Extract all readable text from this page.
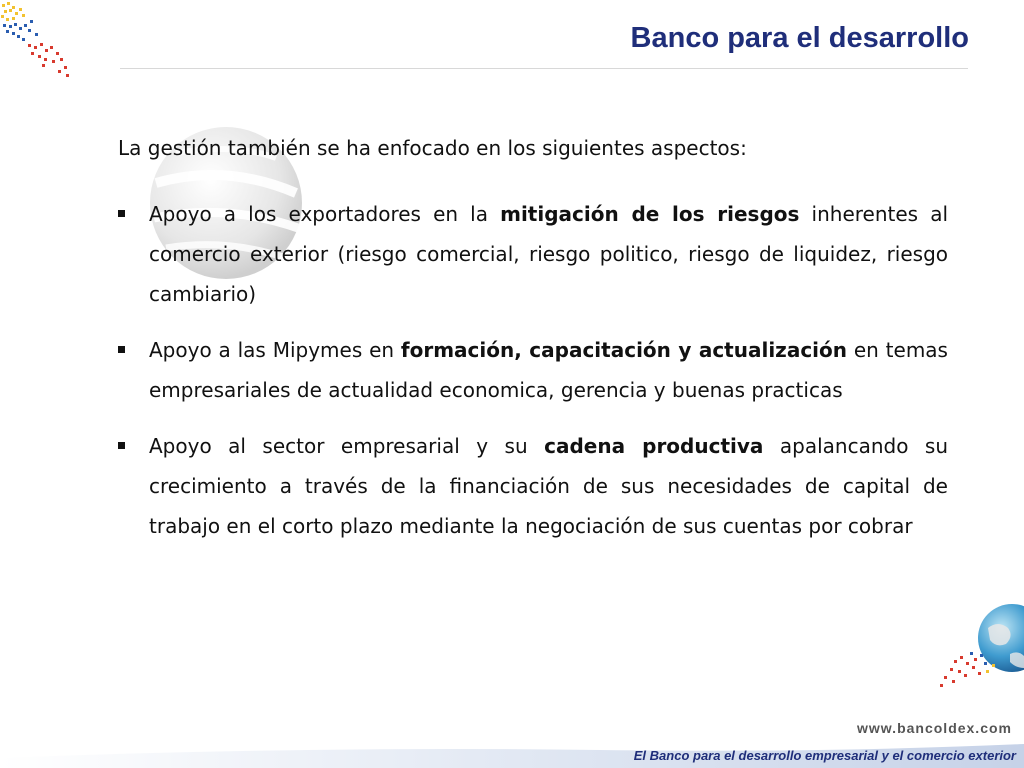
Banco para el desarrollo

La gestión también se ha enfocado en los siguientes aspectos:

Apoyo a los exportadores en la mitigación de los riesgos inherentes al comercio exterior (riesgo comercial, riesgo politico, riesgo de liquidez, riesgo cambiario)
Apoyo a las Mipymes en formación, capacitación y actualización en temas empresariales de actualidad economica, gerencia y buenas practicas
Apoyo al sector empresarial y su cadena productiva apalancando su crecimiento a través de la financiación de sus necesidades de capital de trabajo en el corto plazo mediante la negociación de sus cuentas por cobrar
www.bancoldex.com
El Banco para el desarrollo empresarial y el comercio exterior
